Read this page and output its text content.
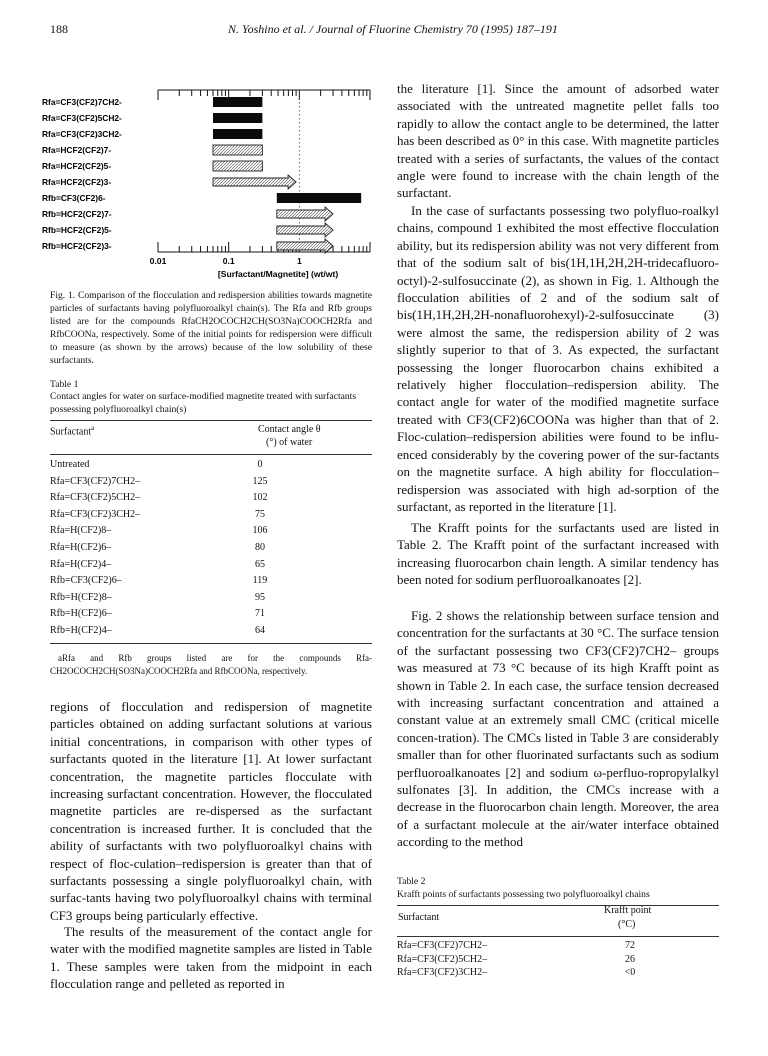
188	N. Yoshino et al. / Journal of Fluorine Chemistry 70 (1995) 187–191
0.01	0.1	1
[Surfactant/Magnetite] (wt/wt)
Rfa=CF3(CF2)7CH2-
Rfa=CF3(CF2)5CH2-
Rfa=CF3(CF2)3CH2-
Rfa=HCF2(CF2)7-
Rfa=HCF2(CF2)5-
Rfa=HCF2(CF2)3-
Rfb=CF3(CF2)6-
Rfb=HCF2(CF2)7-
Rfb=HCF2(CF2)5-
Rfb=HCF2(CF2)3-

Fig. 1. Comparison of the flocculation and redispersion abilities towards magnetite particles of surfactants having polyfluoroalkyl chain(s). The Rfa and Rfb groups listed are for the compounds RfaCH2OCOCH2CH(SO3Na)COOCH2Rfa and RfbCOONa, respectively. Some of the initial points for redispersion were difficult to measure (as shown by the arrows) because of the low solubility of these surfactants.

Table 1
Contact angles for water on surface-modified magnetite treated with surfactants possessing polyfluoroalkyl chain(s)
Surfactant$^a$	Contact angle θ
(°) of water
Untreated	0
Rfa=CF3(CF2)7CH2–	125
Rfa=CF3(CF2)5CH2–	102
Rfa=CF3(CF2)3CH2–	75
Rfa=H(CF2)8–	106
Rfa=H(CF2)6–	80
Rfa=H(CF2)4–	65
Rfb=CF3(CF2)6–	119
Rfb=H(CF2)8–	95
Rfb=H(CF2)6–	71
Rfb=H(CF2)4–	64

aRfa and Rfb groups listed are for the compounds Rfa-CH2OCOCH2CH(SO3Na)COOCH2Rfa and RfbCOONa, respectively.

regions of flocculation and redispersion of magnetite particles obtained on adding surfactant solutions at various initial concentrations, in comparison with other types of surfactants quoted in the literature [1]. At lower surfactant concentration, the magnetite particles flocculate with increasing surfactant concentration. However, the flocculated magnetite particles are re-dispersed as the surfactant concentration is increased further. It is concluded that the ability of surfactants with two polyfluoroalkyl chains with respect of floc-culation–redispersion is greater than that of surfactants possessing a single polyfluoroalkyl chain, with surfac-tants having two polyfluoroalkyl chains with terminal CF3 groups being particularly effective.

The results of the measurement of the contact angle for water with the modified magnetite samples are listed in Table 1. These samples were taken from the midpoint in each flocculation range and pelleted as reported in

the literature [1]. Since the amount of adsorbed water associated with the untreated magnetite pellet falls too rapidly to allow the contact angle to be determined, the latter has been described as 0° in this case. With magnetite particles treated with a series of surfactants, the values of the contact angle were found to increase with the chain length of the surfactant.

In the case of surfactants possessing two polyfluo-roalkyl chains, compound 1 exhibited the most effective flocculation ability, but its redispersion ability was not very different from that of the sodium salt of bis(1H,1H,2H,2H-tridecafluoro-octyl)-2-sulfosuccinate (2), as shown in Fig. 1. Although the flocculation abilities of 2 and of the sodium salt of bis(1H,1H,2H,2H-nonafluorohexyl)-2-sulfosuccinate (3) were almost the same, the redispersion ability of 2 was slightly superior to that of 3. As expected, the surfactant possessing the longer fluorocarbon chains exhibited a relatively higher flocculation–redispersion ability. The contact angle for water of the modified magnetite surface treated with CF3(CF2)6COONa was higher than that of 2. Floc-culation–redispersion abilities were found to be influ-enced considerably by the covering power of the sur-factants on the magnetite surface. A high ability for flocculation–redispersion was associated with high ad-sorption of the surfactant, as reported in the literature [1].

The Krafft points for the surfactants used are listed in Table 2. The Krafft point of the surfactant increased with increasing fluorocarbon chain length. A similar tendency has been noted for sodium perfluoroalkanoates [2].

Fig. 2 shows the relationship between surface tension and concentration for the surfactants at 30 °C. The surface tension of the surfactant possessing two CF3(CF2)7CH2– groups was measured at 73 °C because of its high Krafft point as shown in Table 2. In each case, the surface tension decreased with increasing surfactant concentration and attained a constant value at an extremely small CMC (critical micelle concen-tration). The CMCs listed in Table 3 are considerably smaller than for other fluorinated surfactants such as sodium perfluoroalkanoates [2] and sodium ω-perfluo-ropropylalkyl sulfonates [3]. In addition, the CMCs increase with a decrease in the fluorocarbon chain length. Moreover, the area of a surfactant molecule at the air/water interface obtained according to the method

Table 2
Krafft points of surfactants possessing two polyfluoroalkyl chains
Surfactant
Krafft point
(°C)
Rfa=CF3(CF2)7CH2–	72
Rfa=CF3(CF2)5CH2–	26
Rfa=CF3(CF2)3CH2–	<0
